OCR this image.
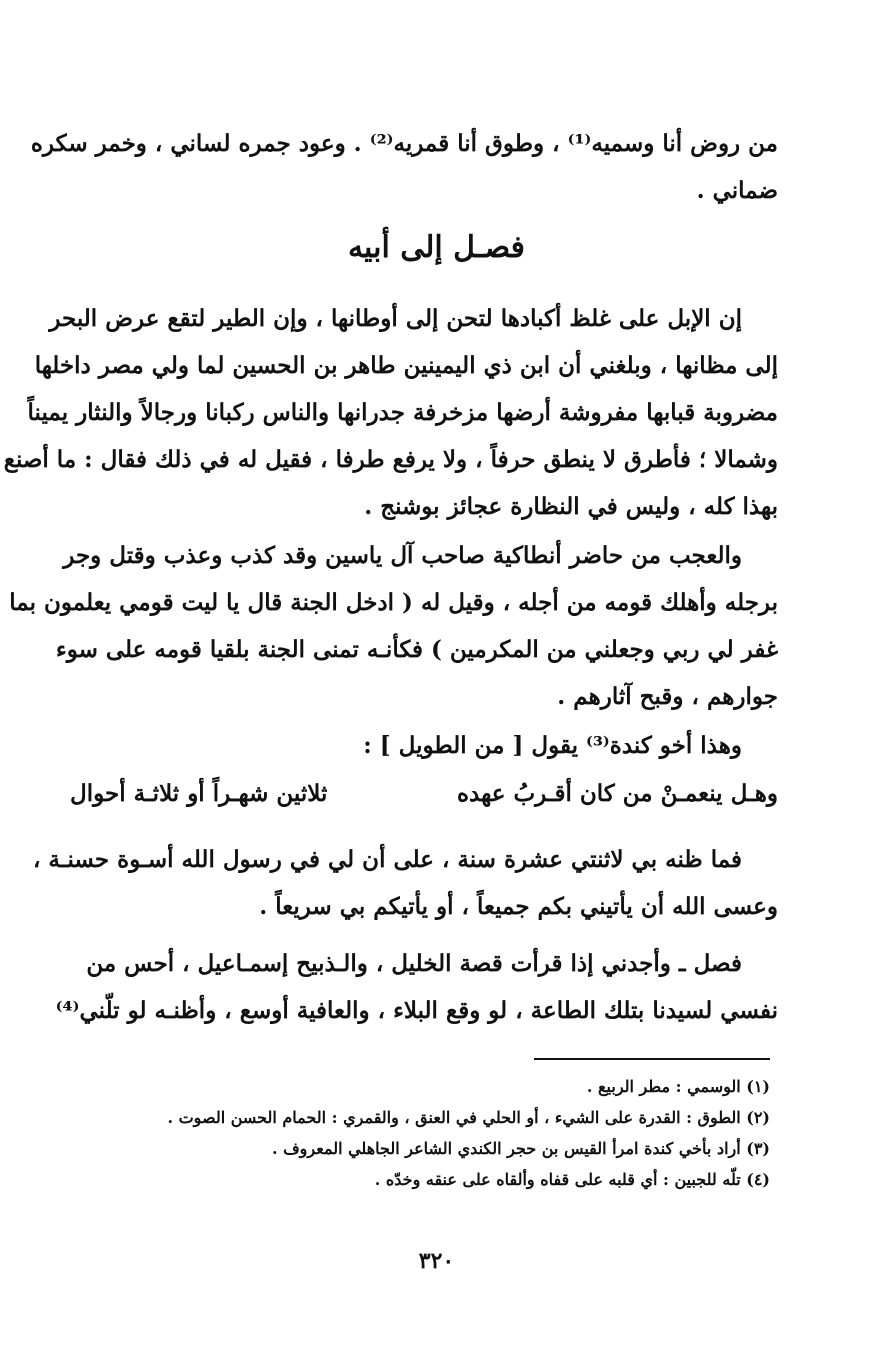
من روض أنا وسميه⁽¹⁾ ، وطوق أنا قمريه⁽²⁾ . وعود جمره لساني ، وخمر سكره
ضماني .
فصـل إلى أبيه
إن الإبل على غلظ أكبادها لتحن إلى أوطانها ، وإن الطير لتقع عرض البحر
إلى مظانها ، وبلغني أن ابن ذي اليمينين طاهر بن الحسين لما ولي مصر داخلها
مضروبة قبابها مفروشة أرضها مزخرفة جدرانها والناس ركبانا ورجالاً والنثار يميناً
وشمالا ؛ فأطرق لا ينطق حرفاً ، ولا يرفع طرفا ، فقيل له في ذلك فقال : ما أصنع
بهذا كله ، وليس في النظارة عجائز بوشنج .
والعجب من حاضر أنطاكية صاحب آل ياسين وقد كذب وعذب وقتل وجر
برجله وأهلك قومه من أجله ، وقيل له ( ادخل الجنة قال يا ليت قومي يعلمون بما
غفر لي ربي وجعلني من المكرمين ) فكأنـه تمنى الجنة بلقيا قومه على سوء
جوارهم ، وقبح آثارهم .
وهذا أخو كندة⁽³⁾ يقول [ من الطويل ] :
وهـل ينعمـنْ من كان أقـربُ عهده
ثلاثين شهـراً أو ثلاثـة أحوال
فما ظنه بي لاثنتي عشرة سنة ، على أن لي في رسول الله أسـوة حسنـة ،
وعسى الله أن يأتيني بكم جميعاً ، أو يأتيكم بي سريعاً .
فصل ـ وأجدني إذا قرأت قصة الخليل ، والـذبيح إسمـاعيل ، أحس من
نفسي لسيدنا بتلك الطاعة ، لو وقع البلاء ، والعافية أوسع ، وأظنـه لو تلّني⁽⁴⁾
(١) الوسمي : مطر الربيع .
(٢) الطوق : القدرة على الشيء ، أو الحلي في العنق ، والقمري : الحمام الحسن الصوت .
(٣) أراد بأخي كندة امرأ القيس بن حجر الكندي الشاعر الجاهلي المعروف .
(٤) تلّه للجبين : أي قلبه على قفاه وألقاه على عنقه وخدّه .
٣٢٠
